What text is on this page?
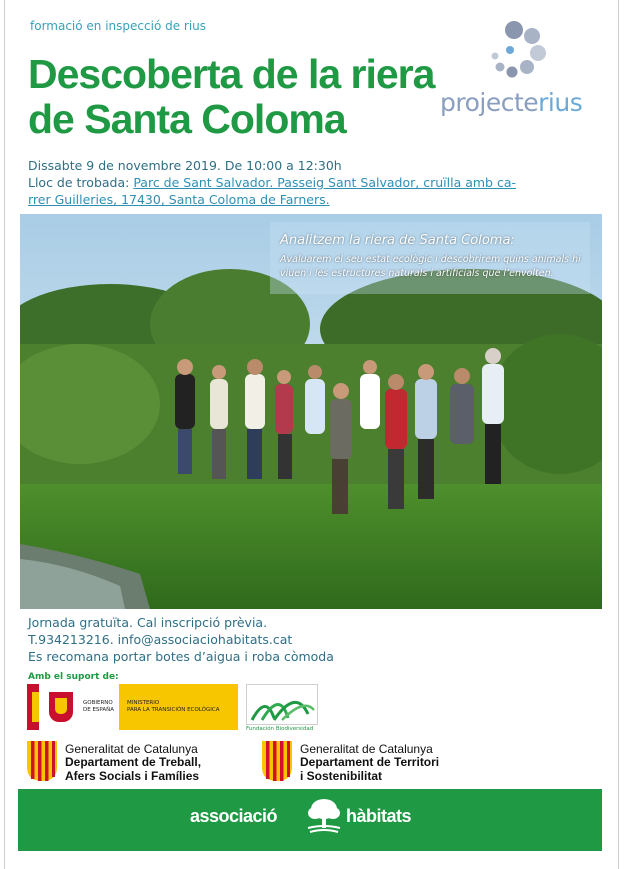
formació en inspecció de rius
Descoberta de la riera
de Santa Coloma	projecterius
Dissabte 9 de novembre 2019. De 10:00 a 12:30h
Lloc de trobada: Parc de Sant Salvador. Passeig Sant Salvador, cruïlla amb ca-
rrer Guilleries, 17430, Santa Coloma de Farners.
Analitzem la riera de Santa Coloma:
Avaluarem el seu estat ecològic i descobrirem quins animals hi viuen i les estructures naturals i artificials que l’envolten.
Jornada gratuïta. Cal inscripció prèvia.
T.934213216. info@associaciohabitats.cat
Es recomana portar botes d’aigua i roba còmoda
Amb el suport de:
GOBIERNO
DE ESPAÑA
MINISTERIO
PARA LA TRANSICIÓN ECOLÓGICA
Fundación Biodiversidad
Generalitat de Catalunya
Departament de Treball,
Afers Socials i Famílies
Generalitat de Catalunya
Departament de Territori
i Sostenibilitat
associació	hàbitats
